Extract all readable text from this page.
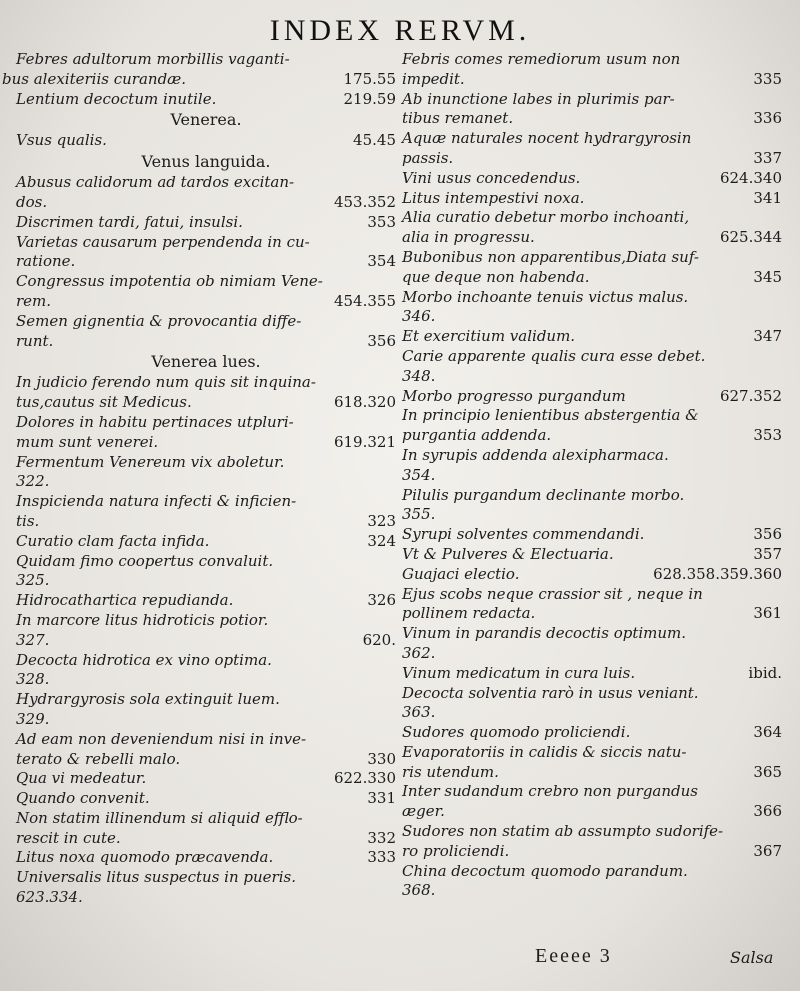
INDEX RERVM.
Febres adultorum morbillis vaganti-
175.55
bus alexiteriis curandæ.
219.59
Lentium decoctum inutile.
Venerea.
45.45
Vsus qualis.
Venus languida.
Abusus calidorum ad tardos excitan-
453.352
dos.
353
Discrimen tardi, fatui, insulsi.
Varietas causarum perpendenda in cu-
354
ratione.
Congressus impotentia ob nimiam Vene-
454.355
rem.
Semen gignentia & provocantia diffe-
356
runt.
Venerea lues.
In judicio ferendo num quis sit inquina-
618.320
tus,cautus sit Medicus.
Dolores in habitu pertinaces utpluri-
619.321
mum sunt venerei.
Fermentum Venereum vix aboletur.
322.
Inspicienda natura infecti & inficien-
323
tis.
324
Curatio clam facta infida.
Quidam fimo coopertus convaluit.
325.
326
Hidrocathartica repudianda.
In marcore litus hidroticis potior.
620.
327.
Decocta hidrotica ex vino optima.
328.
Hydrargyrosis sola extinguit luem.
329.
Ad eam non deveniendum nisi in inve-
330
terato & rebelli malo.
622.330
Qua vi medeatur.
331
Quando convenit.
Non statim illinendum si aliquid efflo-
332
rescit in cute.
333
Litus noxa quomodo præcavenda.
Universalis litus suspectus in pueris.
623.334.
Febris comes remediorum usum non
335
impedit.
Ab inunctione labes in plurimis par-
336
tibus remanet.
Aquæ naturales nocent hydrargyrosin
337
passis.
624.340
Vini usus concedendus.
341
Litus intempestivi noxa.
Alia curatio debetur morbo inchoanti,
625.344
alia in progressu.
Bubonibus non apparentibus,Diata suf-
345
que deque non habenda.
Morbo inchoante tenuis victus malus.
346.
347
Et exercitium validum.
Carie apparente qualis cura esse debet.
348.
627.352
Morbo progresso purgandum
In principio lenientibus abstergentia &
353
purgantia addenda.
In syrupis addenda alexipharmaca.
354.
Pilulis purgandum declinante morbo.
355.
356
Syrupi solventes commendandi.
357
Vt & Pulveres & Electuaria.
628.358.359.360
Guajaci electio.
Ejus scobs neque crassior sit , neque in
361
pollinem redacta.
Vinum in parandis decoctis optimum.
362.
ibid.
Vinum medicatum in cura luis.
Decocta solventia rarò in usus veniant.
363.
364
Sudores quomodo proliciendi.
Evaporatoriis in calidis & siccis natu-
365
ris utendum.
Inter sudandum crebro non purgandus
366
æger.
Sudores non statim ab assumpto sudorife-
367
ro proliciendi.
China decoctum quomodo parandum.
368.
Eeeee 3	Salsa
